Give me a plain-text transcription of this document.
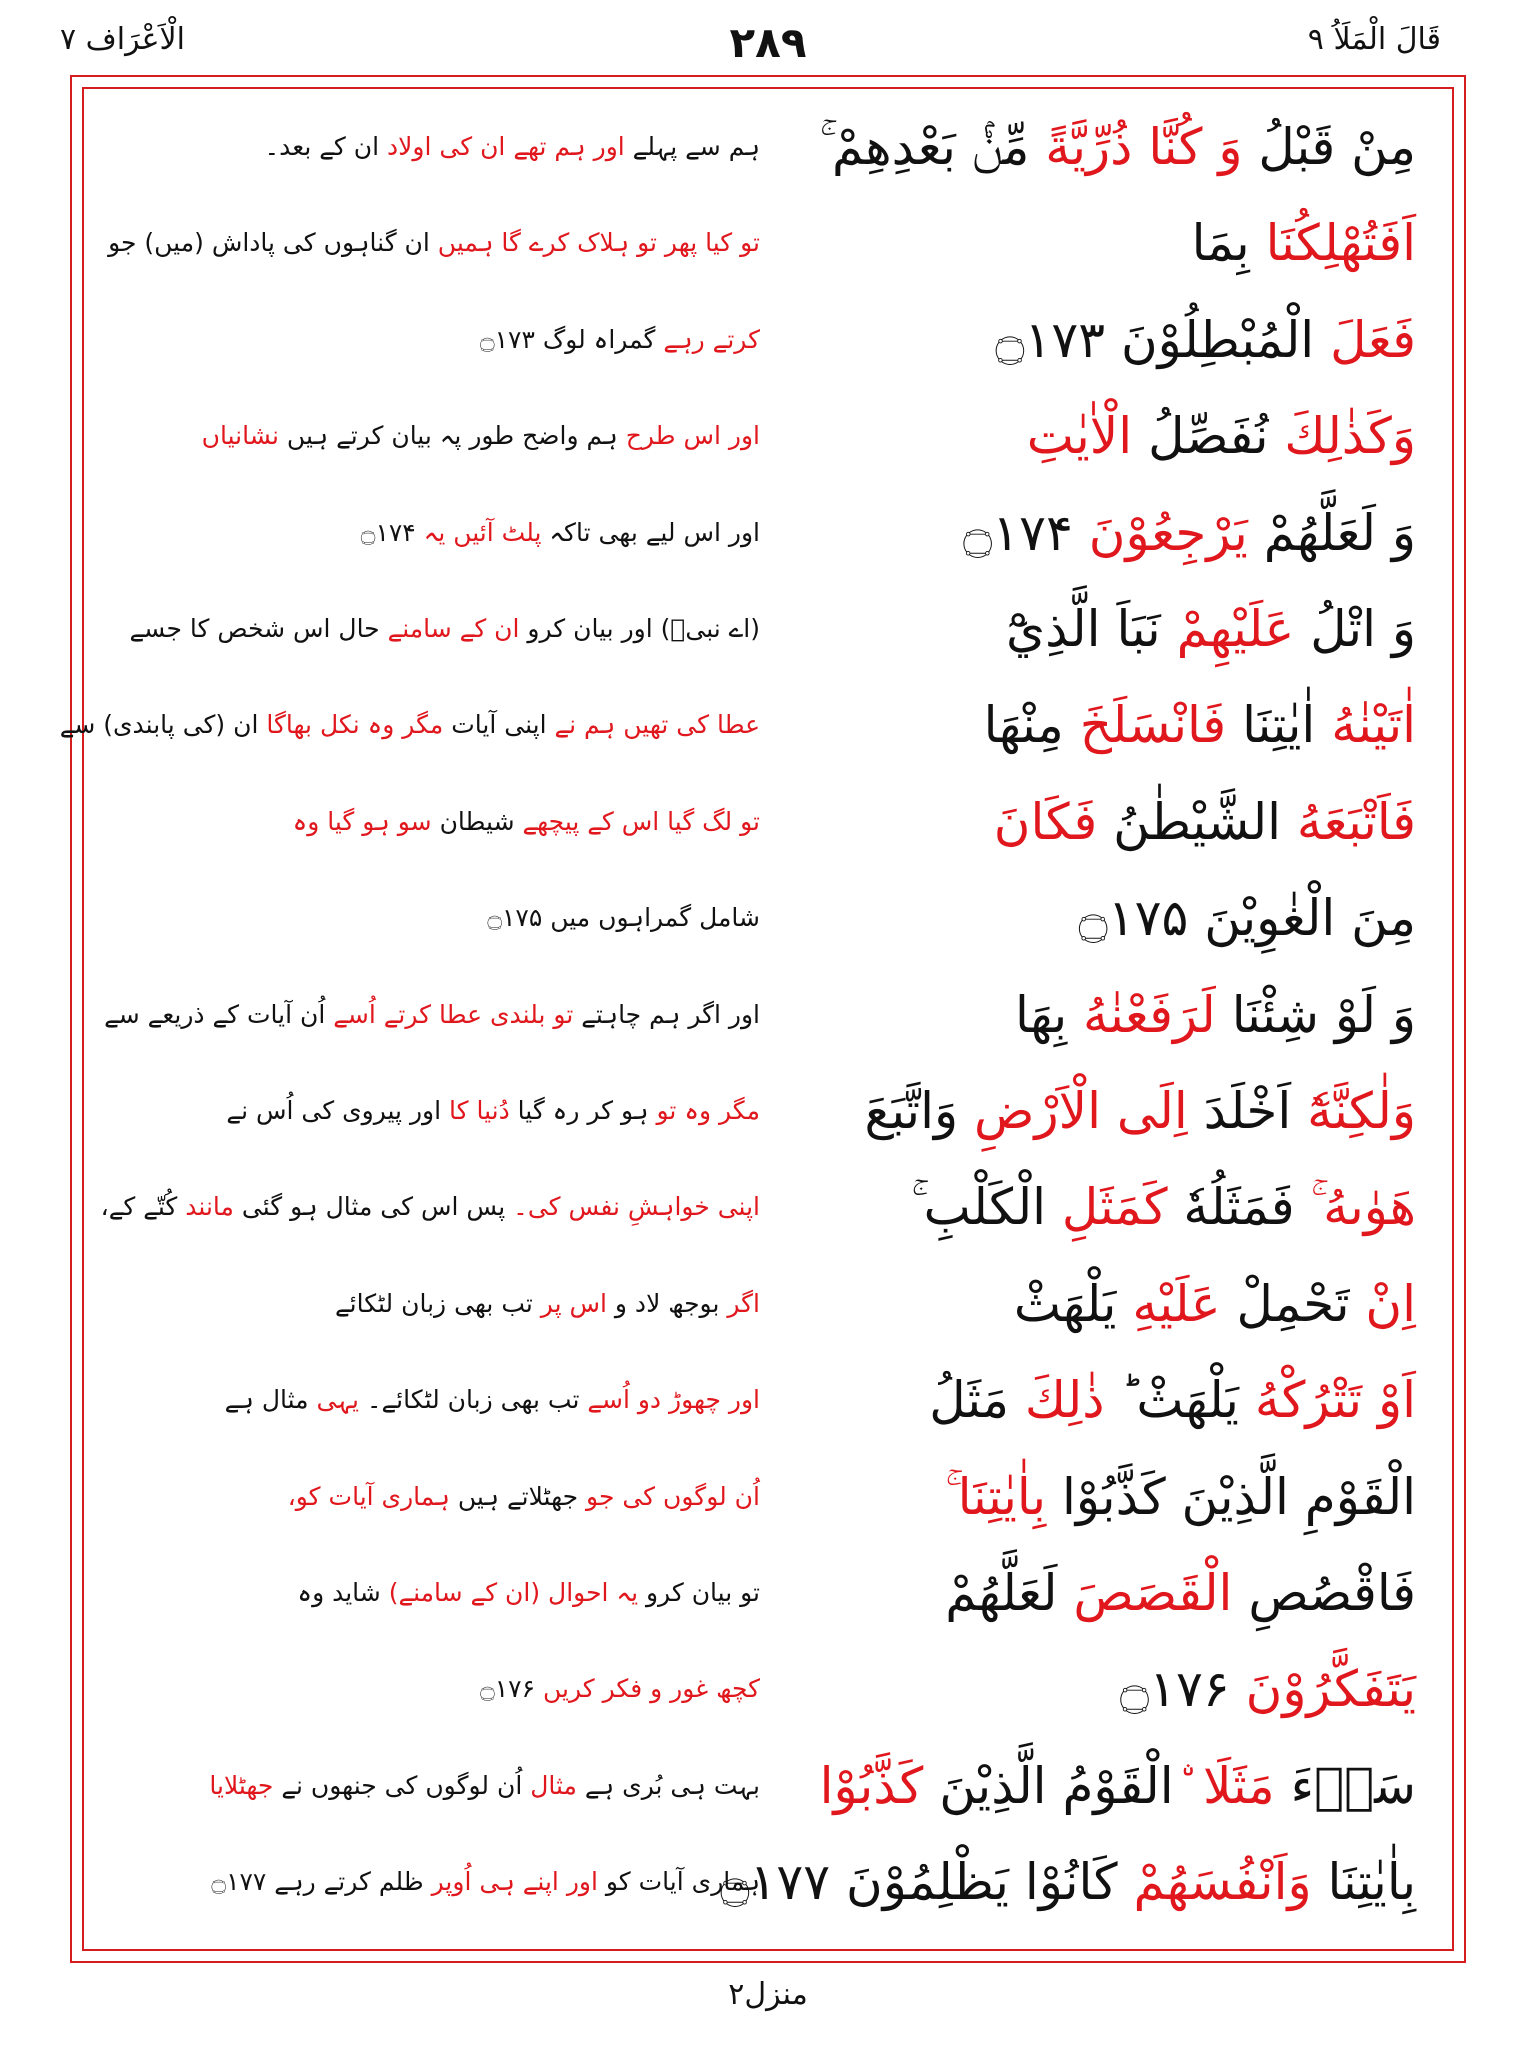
قَالَ الْمَلَاُ ۹
۲۸۹
الْاَعْرَاف ۷
مِنْ قَبْلُ وَ كُنَّا ذُرِّيَّةً مِّنْۢ بَعْدِهِمْ ۚ
ہم سے پہلے اور ہم تھے ان کی اولاد ان کے بعد۔
اَفَتُهْلِكُنَا بِمَا
تو کیا پھر تو ہلاک کرے گا ہمیں ان گناہوں کی پاداش (میں) جو
فَعَلَ الْمُبْطِلُوْنَ ۝۱۷۳
کرتے رہے گمراہ لوگ ۝۱۷۳
وَكَذٰلِكَ نُفَصِّلُ الْاٰيٰتِ
اور اس طرح ہم واضح طور پہ بیان کرتے ہیں نشانیاں
وَ لَعَلَّهُمْ يَرْجِعُوْنَ ۝۱۷۴
اور اس لیے بھی تاکہ پلٹ آئیں یہ ۝۱۷۴
وَ اتْلُ عَلَيْهِمْ نَبَاَ الَّذِيْٓ
(اے نبیؐ) اور بیان کرو ان کے سامنے حال اس شخص کا جسے
اٰتَيْنٰهُ اٰيٰتِنَا فَانْسَلَخَ مِنْهَا
عطا کی تھیں ہم نے اپنی آیات مگر وہ نکل بھاگا ان (کی پابندی) سے
فَاَتْبَعَهُ الشَّيْطٰنُ فَكَانَ
تو لگ گیا اس کے پیچھے شیطان سو ہو گیا وہ
مِنَ الْغٰوِيْنَ ۝۱۷۵
شامل گمراہوں میں ۝۱۷۵
وَ لَوْ شِئْنَا لَرَفَعْنٰهُ بِهَا
اور اگر ہم چاہتے تو بلندی عطا کرتے اُسے اُن آیات کے ذریعے سے
وَلٰكِنَّهٗٓ اَخْلَدَ اِلَى الْاَرْضِ وَاتَّبَعَ
مگر وہ تو ہو کر رہ گیا دُنیا کا اور پیروی کی اُس نے
هَوٰىهُ ۚ فَمَثَلُهٗ كَمَثَلِ الْكَلْبِ ۚ
اپنی خواہشِ نفس کی۔ پس اس کی مثال ہو گئی مانند کُتّے کے،
اِنْ تَحْمِلْ عَلَيْهِ يَلْهَثْ
اگر بوجھ لاد و اس پر تب بھی زبان لٹکائے
اَوْ تَتْرُكْهُ يَلْهَثْ ؕ ذٰلِكَ مَثَلُ
اور چھوڑ دو اُسے تب بھی زبان لٹکائے۔ یہی مثال ہے
الْقَوْمِ الَّذِيْنَ كَذَّبُوْا بِاٰيٰتِنَا
اُن لوگوں کی جو جھٹلاتے ہیں ہماری آیات کو،
فَاقْصُصِ الْقَصَصَ لَعَلَّهُمْ
تو بیان کرو یہ احوال (ان کے سامنے) شاید وہ
يَتَفَكَّرُوْنَ ۝۱۷۶
کچھ غور و فکر کریں ۝۱۷۶
سَاۗءَ مَثَلَا ۨالْقَوْمُ الَّذِيْنَ كَذَّبُوْا
بہت ہی بُری ہے مثال اُن لوگوں کی جنھوں نے جھٹلایا
بِاٰيٰتِنَا وَاَنْفُسَهُمْ كَانُوْا يَظْلِمُوْنَ ۝۱۷۷
ہماری آیات کو اور اپنے ہی اُوپر ظلم کرتے رہے ۝۱۷۷
منزل۲
